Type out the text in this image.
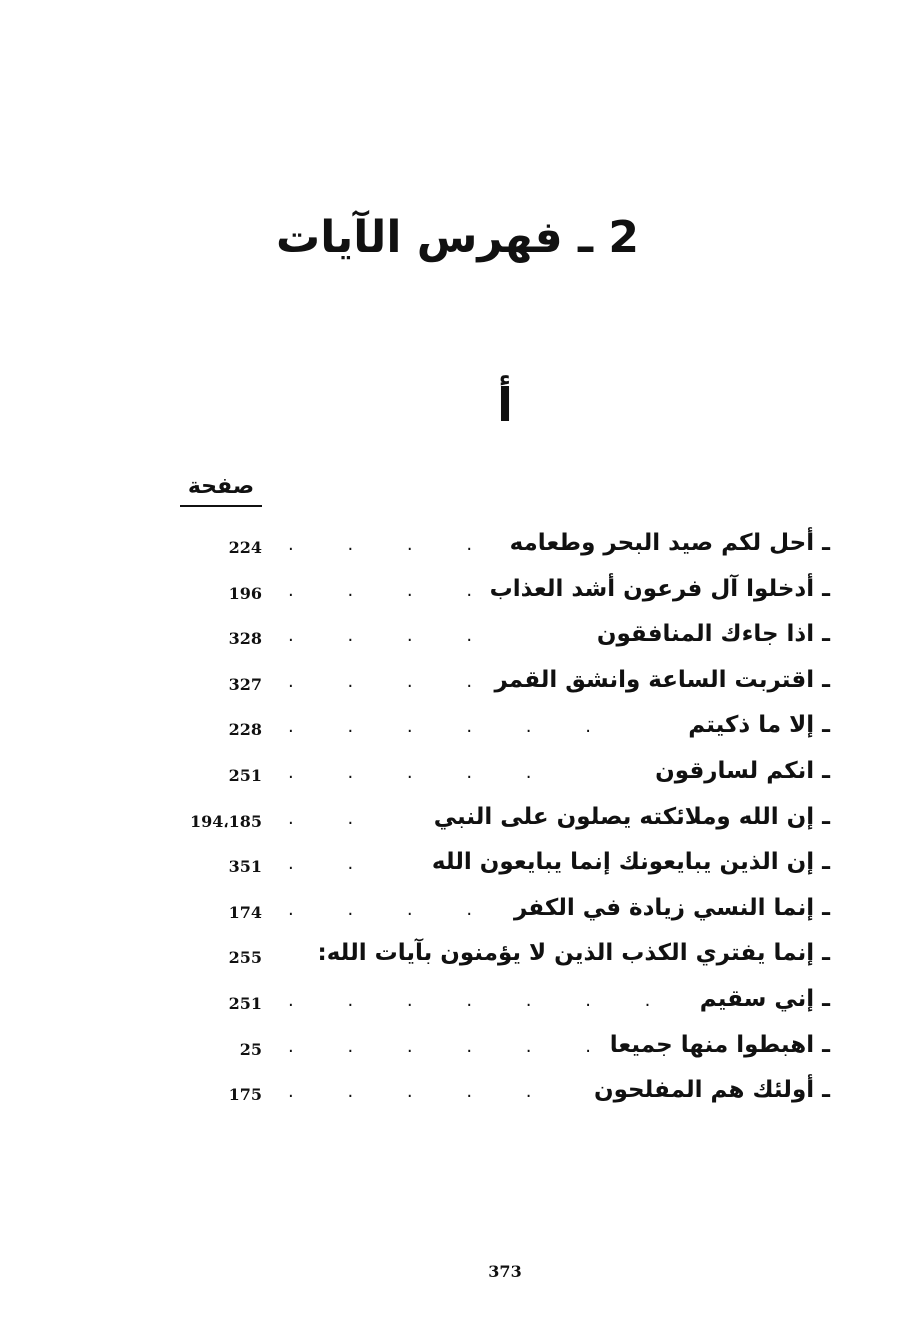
2 ـ فهرس الآيات
أ
صفحة
224 . . . . ـ أحل لكم صيد البحر وطعامه
196 . . . . ـ أدخلوا آل فرعون أشد العذاب
328 . . . .	ـ اذا جاءك المنافقون
327 . . . . ـ اقتربت الساعة وانشق القمر
228 . . . . . .	ـ إلا ما ذكيتم
251 . . . . .	ـ انكم لسارقون
194،185 . .	ـ إن الله وملائكته يصلون على النبي
351 . .	ـ إن الذين يبايعونك إنما يبايعون الله
174 . . . . ـ إنما النسي زيادة في الكفر
255 ـ إنما يفتري الكذب الذين لا يؤمنون بآيات الله:
251 . . . . . . . ـ إني سقيم
25 . . . . . . ـ اهبطوا منها جميعا
175 . . . . .	ـ أولئك هم المفلحون
373
